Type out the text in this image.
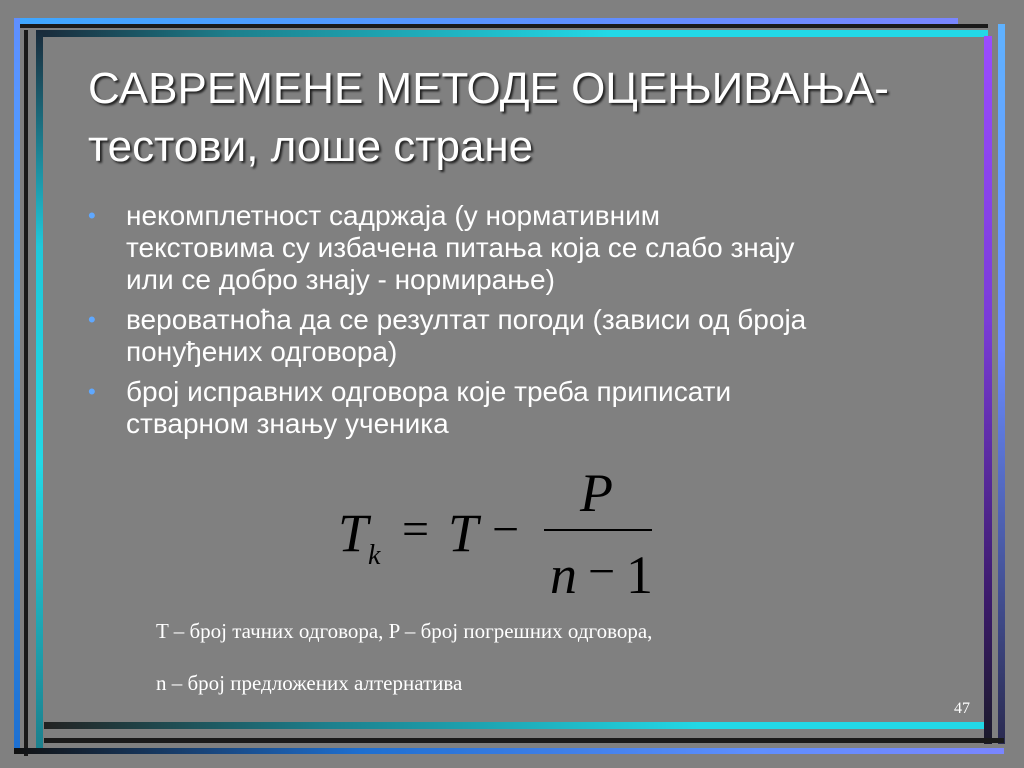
САВРЕМЕНЕ МЕТОДЕ ОЦЕЊИВАЊА-
тестови, лоше стране
• некомплетност садржаја (у нормативним
текстовима су избачена питања која се слабо знају
или се добро знају - нормирање)
• вероватноћа да се резултат погоди (зависи од броја
понуђених одговора)
• број исправних одговора које треба приписати
стварном знању ученика
T k = T −
P
n − 1
T – број тачних одговора, P – број погрешних одговора,
n – број предложених алтернатива
47
